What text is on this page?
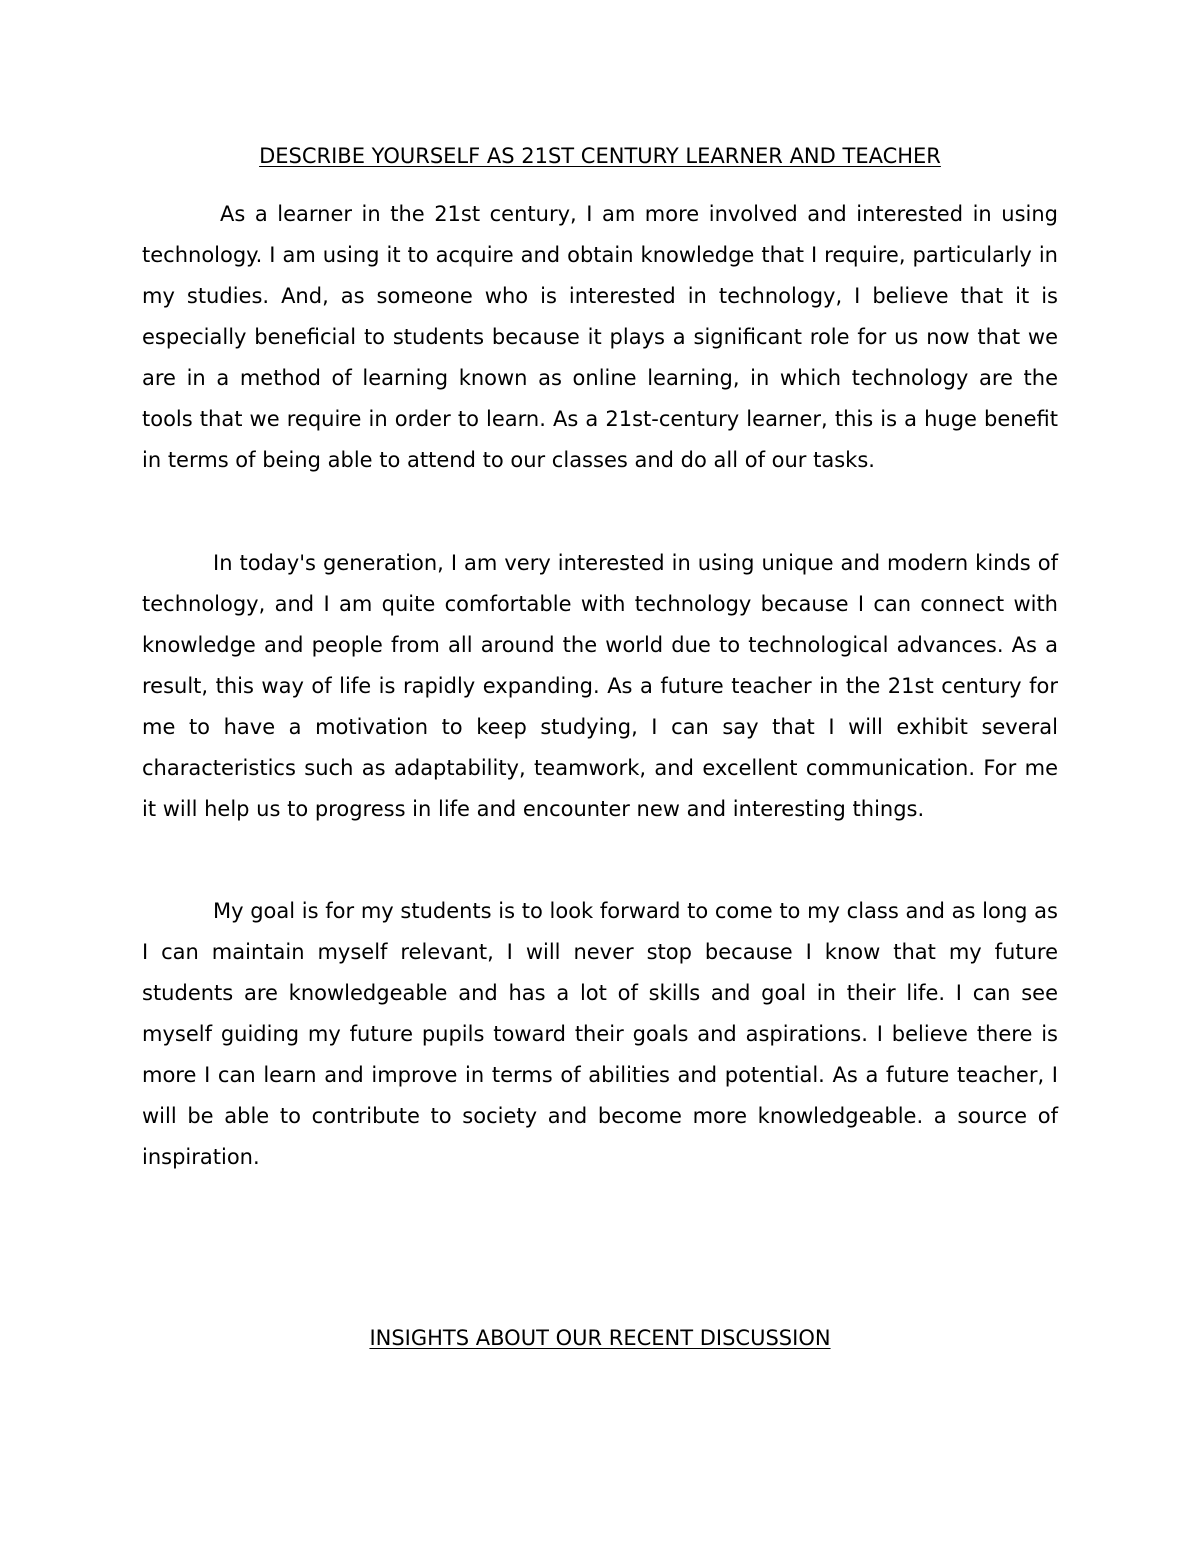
DESCRIBE YOURSELF AS 21ST CENTURY LEARNER AND TEACHER

As a learner in the 21st century, I am more involved and interested in using technology. I am using it to acquire and obtain knowledge that I require, particularly in my studies. And, as someone who is interested in technology, I believe that it is especially beneficial to students because it plays a significant role for us now that we are in a method of learning known as online learning, in which technology are the tools that we require in order to learn. As a 21st-century learner, this is a huge benefit in terms of being able to attend to our classes and do all of our tasks.

In today's generation, I am very interested in using unique and modern kinds of technology, and I am quite comfortable with technology because I can connect with knowledge and people from all around the world due to technological advances. As a result, this way of life is rapidly expanding. As a future teacher in the 21st century for me to have a motivation to keep studying, I can say that I will exhibit several characteristics such as adaptability, teamwork, and excellent communication. For me it will help us to progress in life and encounter new and interesting things.

My goal is for my students is to look forward to come to my class and as long as I can maintain myself relevant, I will never stop because I know that my future students are knowledgeable and has a lot of skills and goal in their life. I can see myself guiding my future pupils toward their goals and aspirations. I believe there is more I can learn and improve in terms of abilities and potential. As a future teacher, I will be able to contribute to society and become more knowledgeable. a source of inspiration.

INSIGHTS ABOUT OUR RECENT DISCUSSION
